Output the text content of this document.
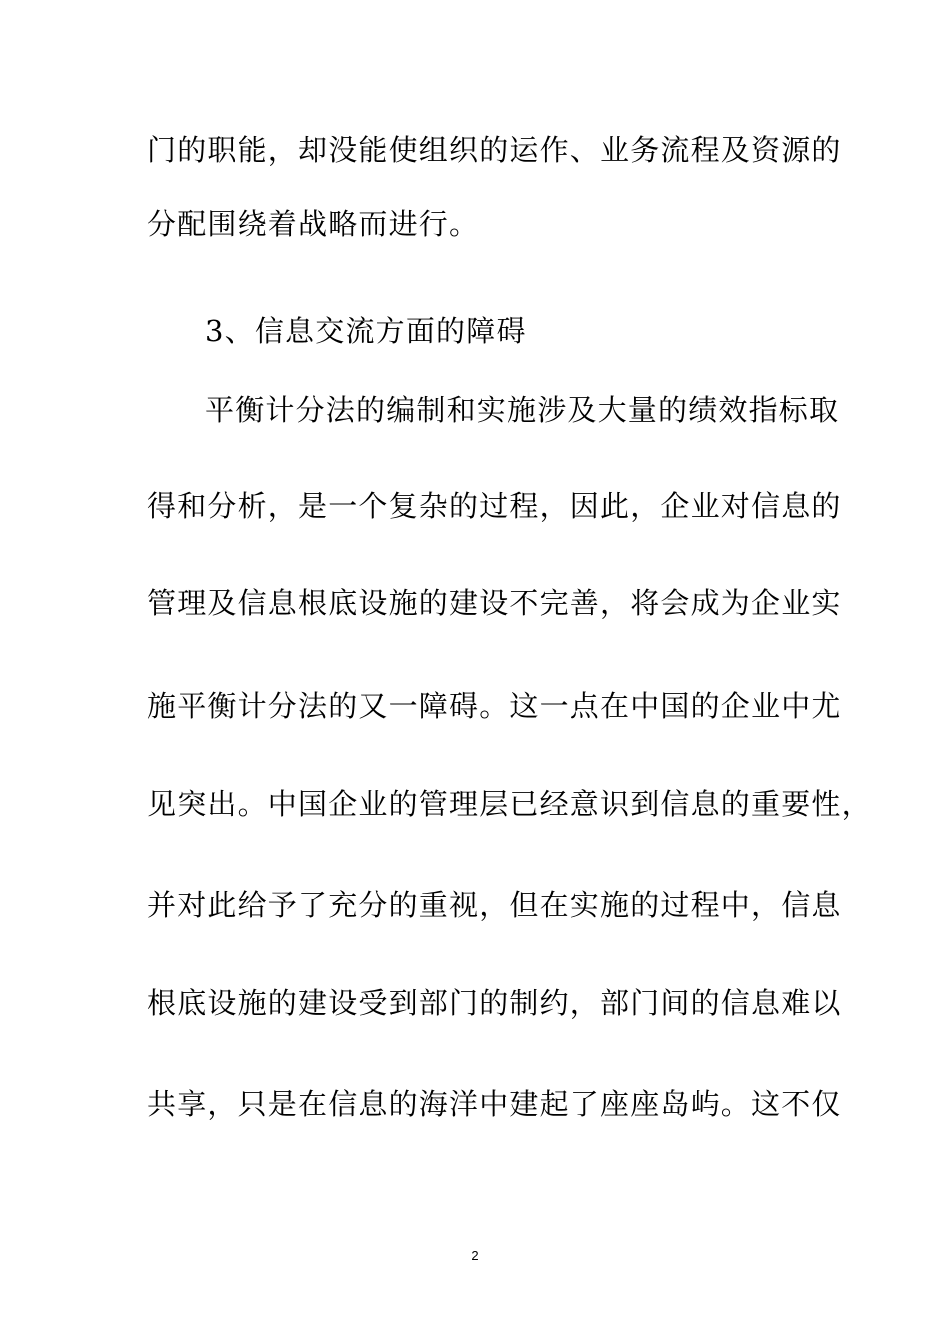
门的职能，却没能使组织的运作、业务流程及资源的
分配围绕着战略而进行。
3、信息交流方面的障碍
平衡计分法的编制和实施涉及大量的绩效指标取
得和分析，是一个复杂的过程，因此，企业对信息的
管理及信息根底设施的建设不完善，将会成为企业实
施平衡计分法的又一障碍。这一点在中国的企业中尤
见突出。中国企业的管理层已经意识到信息的重要性，
并对此给予了充分的重视，但在实施的过程中，信息
根底设施的建设受到部门的制约，部门间的信息难以
共享，只是在信息的海洋中建起了座座岛屿。这不仅
2
